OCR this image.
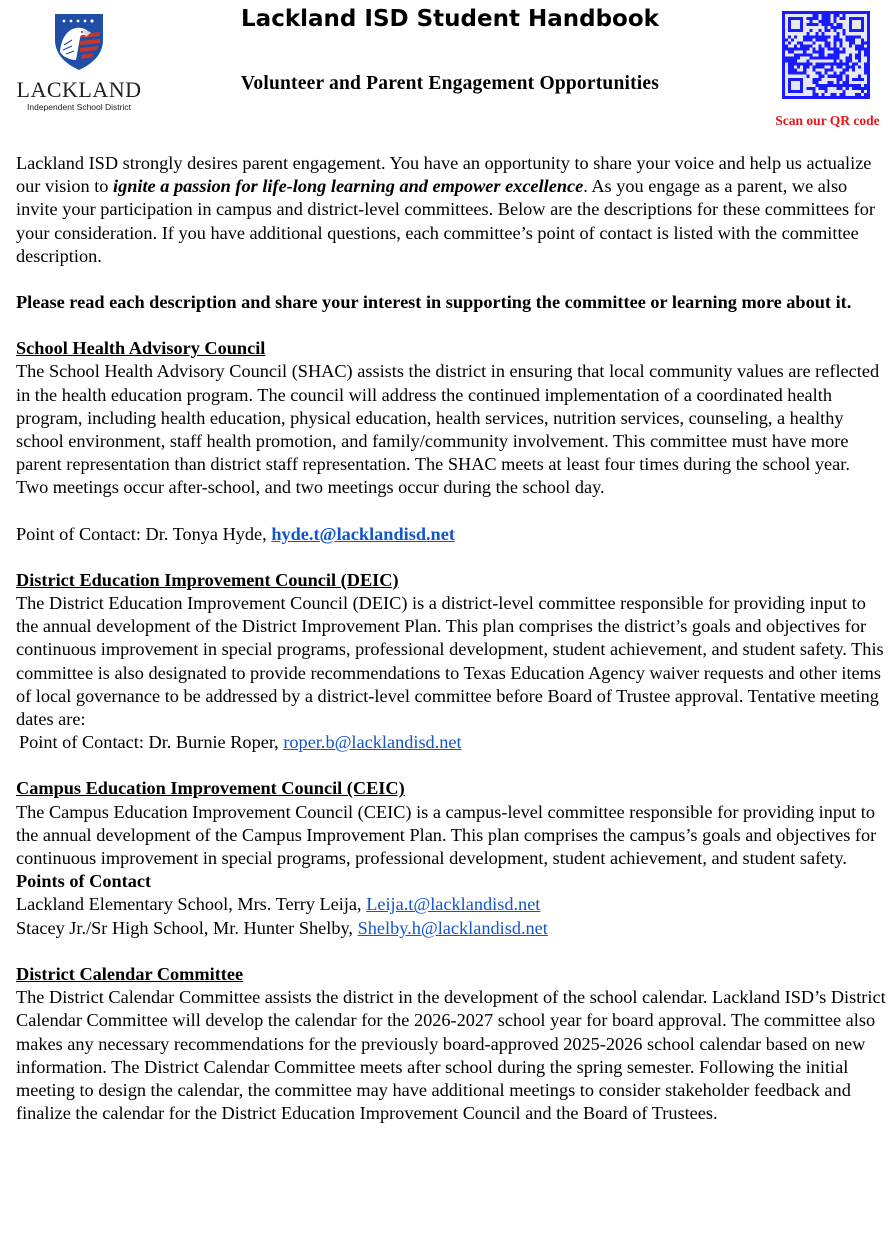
LACKLAND
Independent School District
Lackland ISD Student Handbook
Volunteer and Parent Engagement Opportunities
Scan our QR code

Lackland ISD strongly desires parent engagement. You have an opportunity to share your voice and help us actualize our vision to ignite a passion for life-long learning and empower excellence. As you engage as a parent, we also invite your participation in campus and district-level committees. Below are the descriptions for these committees for your consideration. If you have additional questions, each committee’s point of contact is listed with the committee description.

Please read each description and share your interest in supporting the committee or learning more about it.

School Health Advisory Council

The School Health Advisory Council (SHAC) assists the district in ensuring that local community values are reflected in the health education program. The council will address the continued implementation of a coordinated health program, including health education, physical education, health services, nutrition services, counseling, a healthy school environment, staff health promotion, and family/community involvement. This committee must have more parent representation than district staff representation. The SHAC meets at least four times during the school year. Two meetings occur after-school, and two meetings occur during the school day.

Point of Contact: Dr. Tonya Hyde, hyde.t@lacklandisd.net

District Education Improvement Council (DEIC)

The District Education Improvement Council (DEIC) is a district-level committee responsible for providing input to the annual development of the District Improvement Plan. This plan comprises the district’s goals and objectives for continuous improvement in special programs, professional development, student achievement, and student safety. This committee is also designated to provide recommendations to Texas Education Agency waiver requests and other items of local governance to be addressed by a district-level committee before Board of Trustee approval. Tentative meeting dates are:

Point of Contact: Dr. Burnie Roper, roper.b@lacklandisd.net

Campus Education Improvement Council (CEIC)

The Campus Education Improvement Council (CEIC) is a campus-level committee responsible for providing input to the annual development of the Campus Improvement Plan. This plan comprises the campus’s goals and objectives for continuous improvement in special programs, professional development, student achievement, and student safety.

Points of Contact

Lackland Elementary School, Mrs. Terry Leija, Leija.t@lacklandisd.net

Stacey Jr./Sr High School, Mr. Hunter Shelby, Shelby.h@lacklandisd.net

District Calendar Committee

The District Calendar Committee assists the district in the development of the school calendar. Lackland ISD’s District Calendar Committee will develop the calendar for the 2026-2027 school year for board approval. The committee also makes any necessary recommendations for the previously board-approved 2025-2026 school calendar based on new information. The District Calendar Committee meets after school during the spring semester. Following the initial meeting to design the calendar, the committee may have additional meetings to consider stakeholder feedback and finalize the calendar for the District Education Improvement Council and the Board of Trustees.
